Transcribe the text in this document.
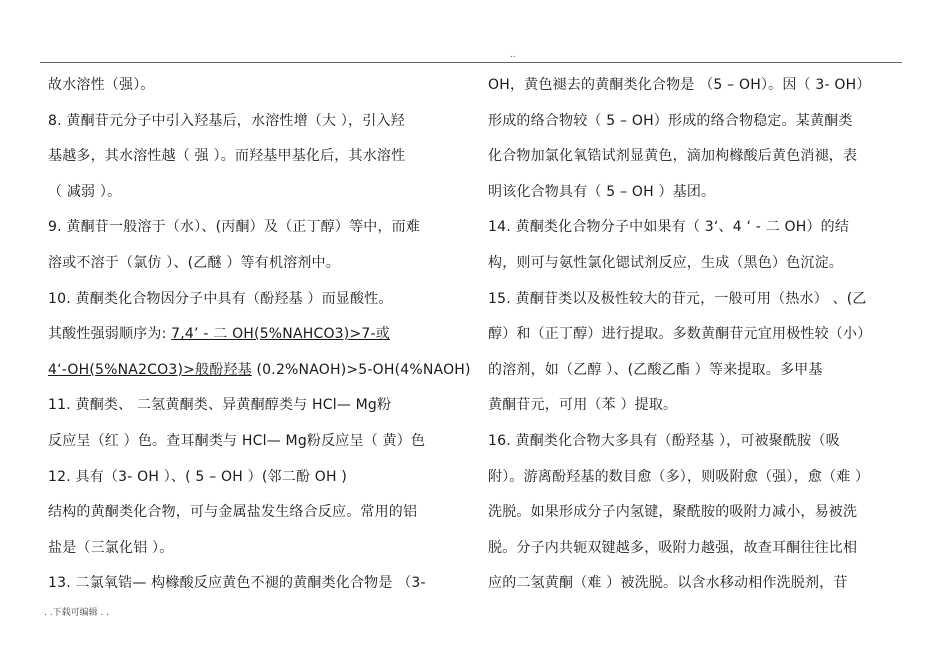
..
故水溶性（强）。
8. 黄酮苷元分子中引入羟基后，水溶性增（大 ），引入羟
基越多，其水溶性越（ 强 ）。而羟基甲基化后，其水溶性
（ 减弱 ）。
9. 黄酮苷一般溶于（水）、(丙酮）及（正丁醇）等中，而难
溶或不溶于（氯仿 ）、(乙醚 ）等有机溶剂中。
10. 黄酮类化合物因分子中具有（酚羟基 ）而显酸性。
其酸性强弱顺序为: 7,4’ - 二 OH(5%NAHCO3)>7-或
4‘-OH(5%NA2CO3)>般酚羟基 (0.2%NAOH)>5-OH(4%NAOH)
11. 黄酮类、 二氢黄酮类、异黄酮醇类与 HCl— Mg粉
反应呈（红 ）色。查耳酮类与 HCl— Mg粉反应呈（ 黄）色
12. 具有（3- OH ）、( 5 – OH ）(邻二酚 OH )
结构的黄酮类化合物，可与金属盐发生络合反应。常用的铝
盐是（三氯化铝 ）。
13. 二氯氧锆— 构橼酸反应黄色不褪的黄酮类化合物是 （3-
OH，黄色褪去的黄酮类化合物是 （5 – OH）。因（ 3- OH）
形成的络合物较（ 5 – OH）形成的络合物稳定。某黄酮类
化合物加氯化氧锆试剂显黄色，滴加枸橼酸后黄色消褪，表
明该化合物具有（ 5 – OH ）基团。
14. 黄酮类化合物分子中如果有（ 3‘、4 ‘ - 二 OH）的结
构，则可与氨性氯化锶试剂反应，生成（黑色）色沉淀。
15. 黄酮苷类以及极性较大的苷元，一般可用（热水） 、(乙
醇）和（正丁醇）进行提取。多数黄酮苷元宜用极性较（小）
的溶剂，如（乙醇 ）、(乙酸乙酯 ）等来提取。多甲基
黄酮苷元，可用（苯 ）提取。
16. 黄酮类化合物大多具有（酚羟基 ），可被聚酰胺（吸
附）。游离酚羟基的数目愈（多），则吸附愈（强），愈（难 ）
洗脱。如果形成分子内氢键，聚酰胺的吸附力减小，易被洗
脱。分子内共轭双键越多，吸附力越强，故查耳酮往往比相
应的二氢黄酮（难 ）被洗脱。以含水移动相作洗脱剂，苷
. .下载可编辑 . .
